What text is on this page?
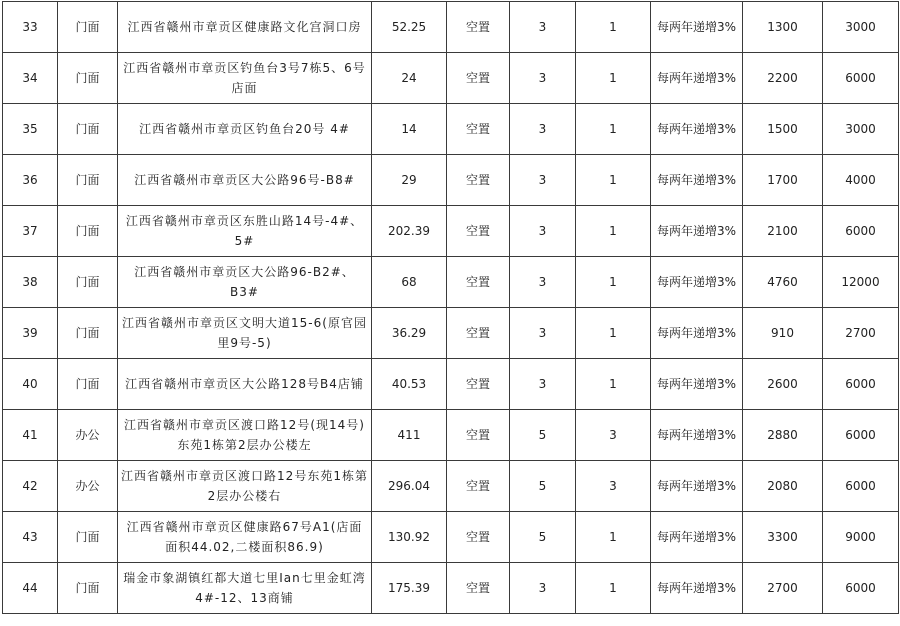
33	门面	江西省赣州市章贡区健康路文化宫洞口房	52.25	空置	3	1	每两年递增3%	1300	3000
34	门面	江西省赣州市章贡区钓鱼台3号7栋5、6号店面	24	空置	3	1	每两年递增3%	2200	6000
35	门面	江西省赣州市章贡区钓鱼台20号 4#	14	空置	3	1	每两年递增3%	1500	3000
36	门面	江西省赣州市章贡区大公路96号-B8#	29	空置	3	1	每两年递增3%	1700	4000
37	门面	江西省赣州市章贡区东胜山路14号-4#、5#	202.39	空置	3	1	每两年递增3%	2100	6000
38	门面	江西省赣州市章贡区大公路96-B2#、B3#	68	空置	3	1	每两年递增3%	4760	12000
39	门面	江西省赣州市章贡区文明大道15-6(原官园里9号-5)	36.29	空置	3	1	每两年递增3%	910	2700
40	门面	江西省赣州市章贡区大公路128号B4店铺	40.53	空置	3	1	每两年递增3%	2600	6000
41	办公	江西省赣州市章贡区渡口路12号(现14号)东苑1栋第2层办公楼左	411	空置	5	3	每两年递增3%	2880	6000
42	办公	江西省赣州市章贡区渡口路12号东苑1栋第2层办公楼右	296.04	空置	5	3	每两年递增3%	2080	6000
43	门面	江西省赣州市章贡区健康路67号A1(店面面积44.02,二楼面积86.9)	130.92	空置	5	1	每两年递增3%	3300	9000
44	门面	瑞金市象湖镇红都大道七里Ian七里金虹湾4#-12、13商铺	175.39	空置	3	1	每两年递增3%	2700	6000
